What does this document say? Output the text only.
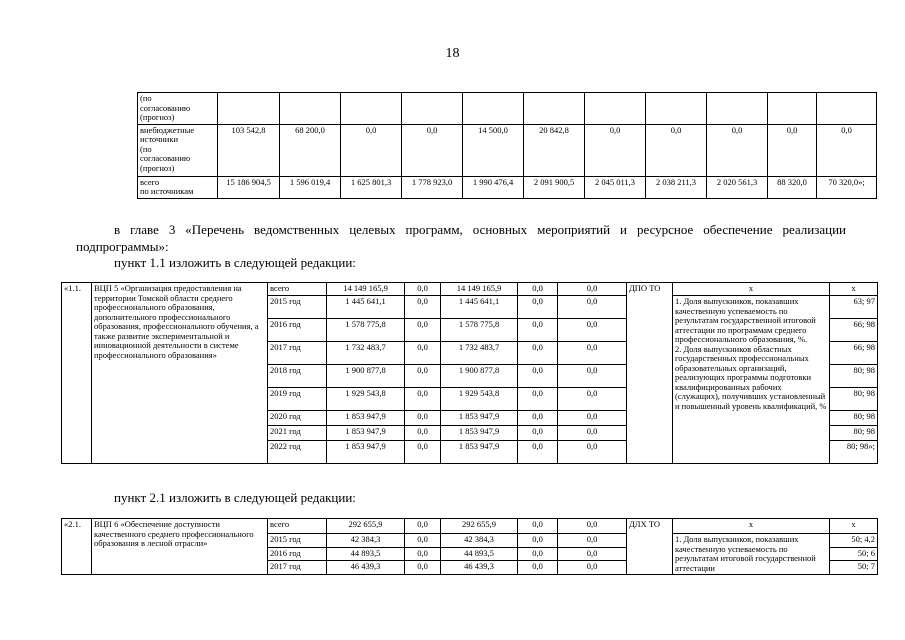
18
(по
согласованию
(прогноз)											
внебюджетные
источники
(по
согласованию
(прогноз)	103 542,8	68 200,0	0,0	0,0	14 500,0	20 842,8	0,0	0,0	0,0	0,0	0,0
всего
по источникам	15 186 904,5	1 596 019,4	1 625 801,3	1 778 923,0	1 990 476,4	2 091 900,5	2 045 011,3	2 038 211,3	2 020 561,3	88 320,0	70 320,0»;
в главе 3 «Перечень ведомственных целевых программ, основных мероприятий и ресурсное обеспечение реализации подпрограммы»:
пункт 1.1 изложить в следующей редакции:
«1.1.	ВЦП 5 «Организация предоставления на территории Томской области среднего профессионального образования, дополнительного профессионального образования, профессионального обучения, а также развитие экспериментальной и инновационной деятельности в системе профессионального образования»	всего	14 149 165,9	0,0	14 149 165,9	0,0	0,0	ДПО ТО	х	х
		2015 год	1 445 641,1	0,0	1 445 641,1	0,0	0,0		1. Доля выпускников, показавших качественную успеваемость по результатам государственной итоговой аттестации по программам среднего профессионального образования, %.
2. Доля выпускников областных государственных профессиональных образовательных организаций, реализующих программы подготовки квалифицированных рабочих (служащих), получивших установленный и повышенный уровень квалификаций, %	63; 97
		2016 год	1 578 775,8	0,0	1 578 775,8	0,0	0,0			66; 98
		2017 год	1 732 483,7	0,0	1 732 483,7	0,0	0,0			66; 98
		2018 год	1 900 877,8	0,0	1 900 877,8	0,0	0,0			80; 98
		2019 год	1 929 543,8	0,0	1 929 543,8	0,0	0,0			80; 98
		2020 год	1 853 947,9	0,0	1 853 947,9	0,0	0,0			80; 98
		2021 год	1 853 947,9	0,0	1 853 947,9	0,0	0,0			80; 98
		2022 год	1 853 947,9	0,0	1 853 947,9	0,0	0,0			80; 98»;
пункт 2.1 изложить в следующей редакции:
«2.1.	ВЦП 6 «Обеспечение доступности качественного среднего профессионального образования в лесной отрасли»	всего	292 655,9	0,0	292 655,9	0,0	0,0	ДЛХ ТО	х	х
		2015 год	42 384,3	0,0	42 384,3	0,0	0,0		1. Доля выпускников, показавших качественную успеваемость по результатам итоговой государственной аттестации	50; 4,2
		2016 год	44 893,5	0,0	44 893,5	0,0	0,0			50; 6
		2017 год	46 439,3	0,0	46 439,3	0,0	0,0			50; 7
